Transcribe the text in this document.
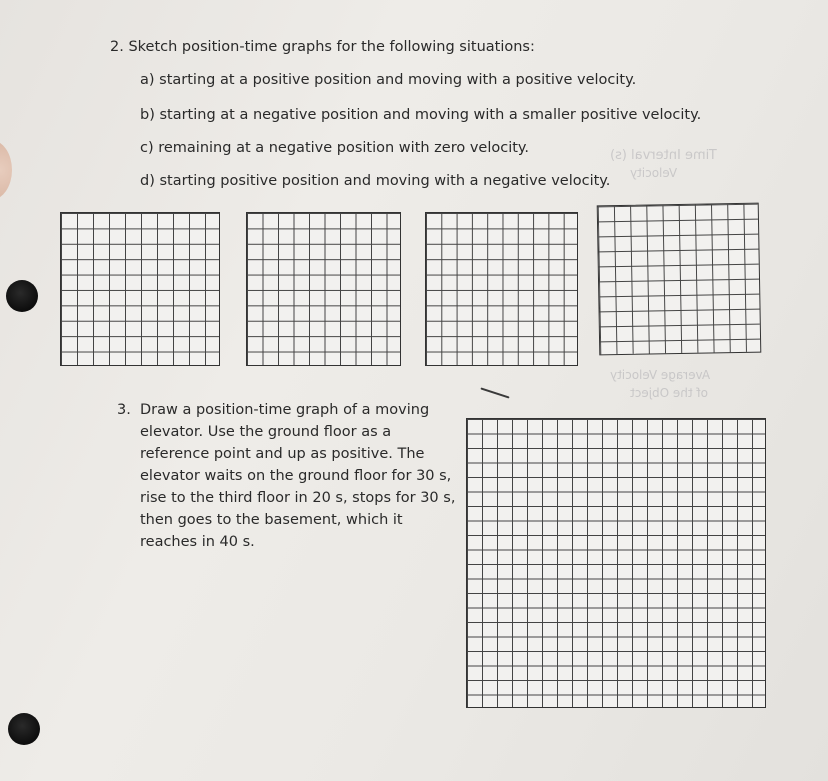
Time Interval (s)
Velocity
Average Velocity
of the Object
2. Sketch position-time graphs for the following situations:
a) starting at a positive position and moving with a positive velocity.
b) starting at a negative position and moving with a smaller positive velocity.
c) remaining at a negative position with zero velocity.
d) starting positive position and moving with a negative velocity.
3. Draw a position-time graph of a moving elevator. Use the ground floor as a reference point and up as positive. The elevator waits on the ground floor for 30 s, rise to the third floor in 20 s, stops for 30 s, then goes to the basement, which it reaches in 40 s.
